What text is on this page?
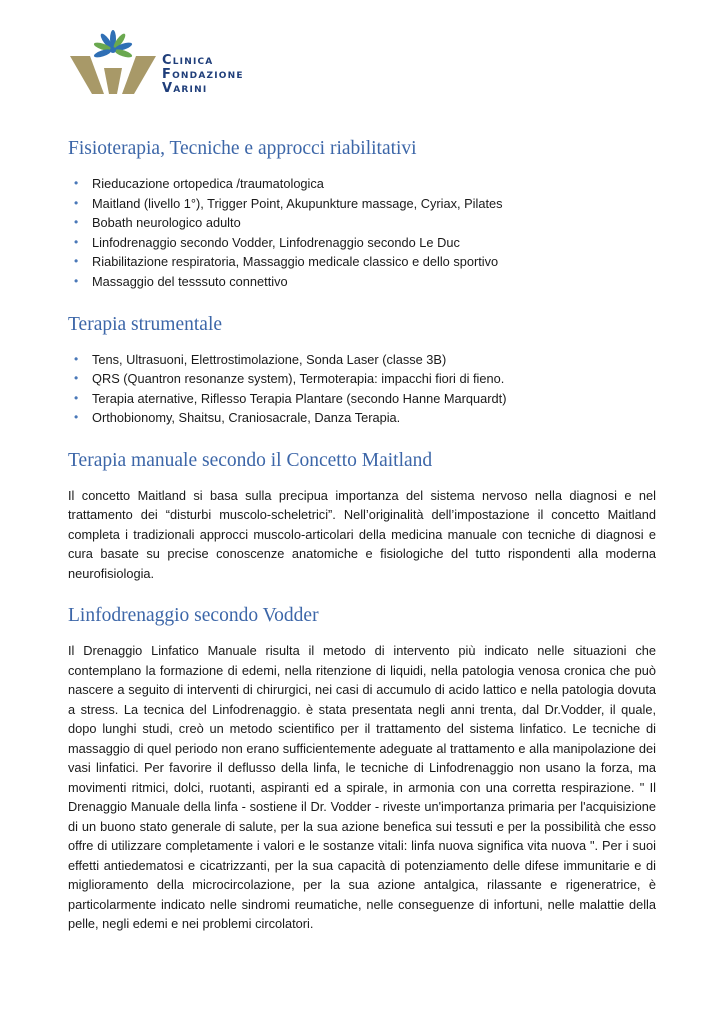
Clinica
Fondazione
Varini
Fisioterapia, Tecniche e approcci riabilitativi
• Rieducazione ortopedica /traumatologica
• Maitland (livello 1°), Trigger Point, Akupunkture massage, Cyriax, Pilates
• Bobath neurologico adulto
• Linfodrenaggio secondo Vodder, Linfodrenaggio secondo Le Duc
• Riabilitazione respiratoria, Massaggio medicale classico e dello sportivo
• Massaggio del tesssuto connettivo
Terapia strumentale
• Tens, Ultrasuoni, Elettrostimolazione, Sonda Laser (classe 3B)
• QRS (Quantron resonanze system), Termoterapia: impacchi fiori di fieno.
• Terapia aternative, Riflesso Terapia Plantare (secondo Hanne Marquardt)
• Orthobionomy, Shaitsu, Craniosacrale, Danza Terapia.
Terapia manuale secondo il Concetto Maitland

Il concetto Maitland si basa sulla precipua importanza del sistema nervoso nella diagnosi e nel trattamento dei “disturbi muscolo-scheletrici”. Nell’originalità dell’impostazione il concetto Maitland completa i tradizionali approcci muscolo-articolari della medicina manuale con tecniche di diagnosi e cura basate su precise conoscenze anatomiche e fisiologiche del tutto rispondenti alla moderna neurofisiologia.

Linfodrenaggio secondo Vodder

Il Drenaggio Linfatico Manuale risulta il metodo di intervento più indicato nelle situazioni che contemplano la formazione di edemi, nella ritenzione di liquidi, nella patologia venosa cronica che può nascere a seguito di interventi di chirurgici, nei casi di accumulo di acido lattico e nella patologia dovuta a stress. La tecnica del Linfodrenaggio. è stata presentata negli anni trenta, dal Dr.Vodder, il quale, dopo lunghi studi, creò un metodo scientifico per il trattamento del sistema linfatico. Le tecniche di massaggio di quel periodo non erano sufficientemente adeguate al trattamento e alla manipolazione dei vasi linfatici. Per favorire il deflusso della linfa, le tecniche di Linfodrenaggio non usano la forza, ma movimenti ritmici, dolci, ruotanti, aspiranti ed a spirale, in armonia con una corretta respirazione. " Il Drenaggio Manuale della linfa - sostiene il Dr. Vodder - riveste un'importanza primaria per l'acquisizione di un buono stato generale di salute, per la sua azione benefica sui tessuti e per la possibilità che esso offre di utilizzare completamente i valori e le sostanze vitali: linfa nuova significa vita nuova ". Per i suoi effetti antiedematosi e cicatrizzanti, per la sua capacità di potenziamento delle difese immunitarie e di miglioramento della microcircolazione, per la sua azione antalgica, rilassante e rigeneratrice, è particolarmente indicato nelle sindromi reumatiche, nelle conseguenze di infortuni, nelle malattie della pelle, negli edemi e nei problemi circolatori.
